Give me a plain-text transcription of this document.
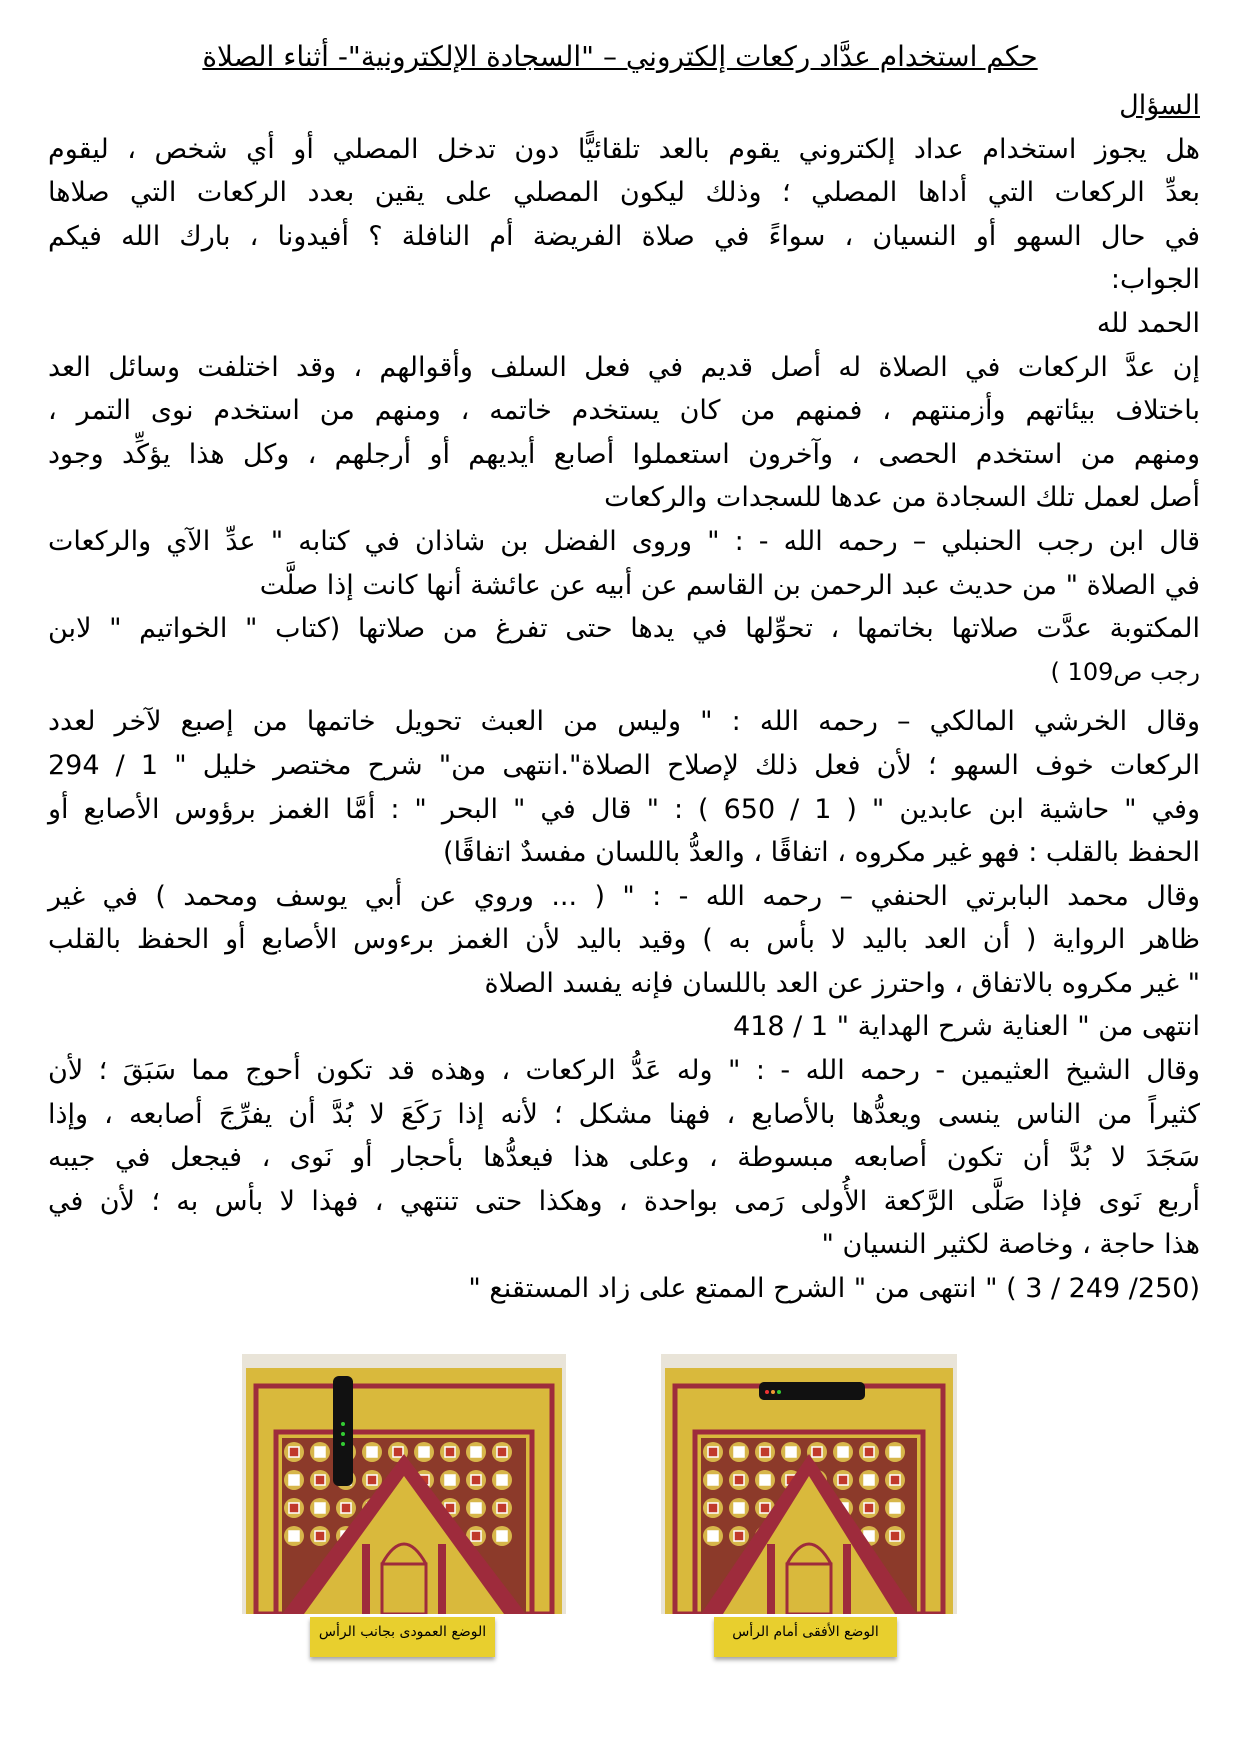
حكم استخدام عدَّاد ركعات إلكتروني – "السجادة الإلكترونية"- أثناء الصلاة
السؤال
هل يجوز استخدام عداد إلكتروني يقوم بالعد تلقائيًّا دون تدخل المصلي أو أي شخص ، ليقوم
بعدِّ الركعات التي أداها المصلي ؛ وذلك ليكون المصلي على يقين بعدد الركعات التي صلاها
في حال السهو أو النسيان ، سواءً في صلاة الفريضة أم النافلة ؟ أفيدونا ، بارك الله فيكم
الجواب:
الحمد لله
إن عدَّ الركعات في الصلاة له أصل قديم في فعل السلف وأقوالهم ، وقد اختلفت وسائل العد
باختلاف بيئاتهم وأزمنتهم ، فمنهم من كان يستخدم خاتمه ، ومنهم من استخدم نوى التمر ،
ومنهم من استخدم الحصى ، وآخرون استعملوا أصابع أيديهم أو أرجلهم ، وكل هذا يؤكِّد وجود
أصل لعمل تلك السجادة من عدها للسجدات والركعات
قال ابن رجب الحنبلي – رحمه الله - : " وروى الفضل بن شاذان في كتابه " عدِّ الآي والركعات
في الصلاة " من حديث عبد الرحمن بن القاسم عن أبيه عن عائشة أنها كانت إذا صلَّت
المكتوبة عدَّت صلاتها بخاتمها ، تحوِّلها في يدها حتى تفرغ من صلاتها (كتاب " الخواتيم " لابن
رجب ص109 )
وقال الخرشي المالكي – رحمه الله : " وليس من العبث تحويل خاتمها من إصبع لآخر لعدد
الركعات خوف السهو ؛ لأن فعل ذلك لإصلاح الصلاة".انتهى من" شرح مختصر خليل " 1 / 294
وفي " حاشية ابن عابدين " ( 1 / 650 ) : " قال في " البحر " : أمَّا الغمز برؤوس الأصابع أو
الحفظ بالقلب : فهو غير مكروه ، اتفاقًا ، والعدُّ باللسان مفسدٌ اتفاقًا)
وقال محمد البابرتي الحنفي – رحمه الله - : " ( ... وروي عن أبي يوسف ومحمد ) في غير
ظاهر الرواية ( أن العد باليد لا بأس به ) وقيد باليد لأن الغمز برءوس الأصابع أو الحفظ بالقلب
" غير مكروه بالاتفاق ، واحترز عن العد باللسان فإنه يفسد الصلاة
انتهى من " العناية شرح الهداية " 1 / 418
وقال الشيخ العثيمين - رحمه الله - : " وله عَدُّ الركعات ، وهذه قد تكون أحوج مما سَبَقَ ؛ لأن
كثيراً من الناس ينسى ويعدُّها بالأصابع ، فهنا مشكل ؛ لأنه إذا رَكَعَ لا بُدَّ أن يفرِّجَ أصابعه ، وإذا
سَجَدَ لا بُدَّ أن تكون أصابعه مبسوطة ، وعلى هذا فيعدُّها بأحجار أو نَوى ، فيجعل في جيبه
أربع نَوى فإذا صَلَّى الرَّكعة الأُولى رَمى بواحدة ، وهكذا حتى تنتهي ، فهذا لا بأس به ؛ لأن في
هذا حاجة ، وخاصة لكثير النسيان "
(250/ 249 / 3 ) " انتهى من " الشرح الممتع على زاد المستقنع "
الوضع العمودى بجانب الرأس	الوضع الأفقى أمام الرأس
